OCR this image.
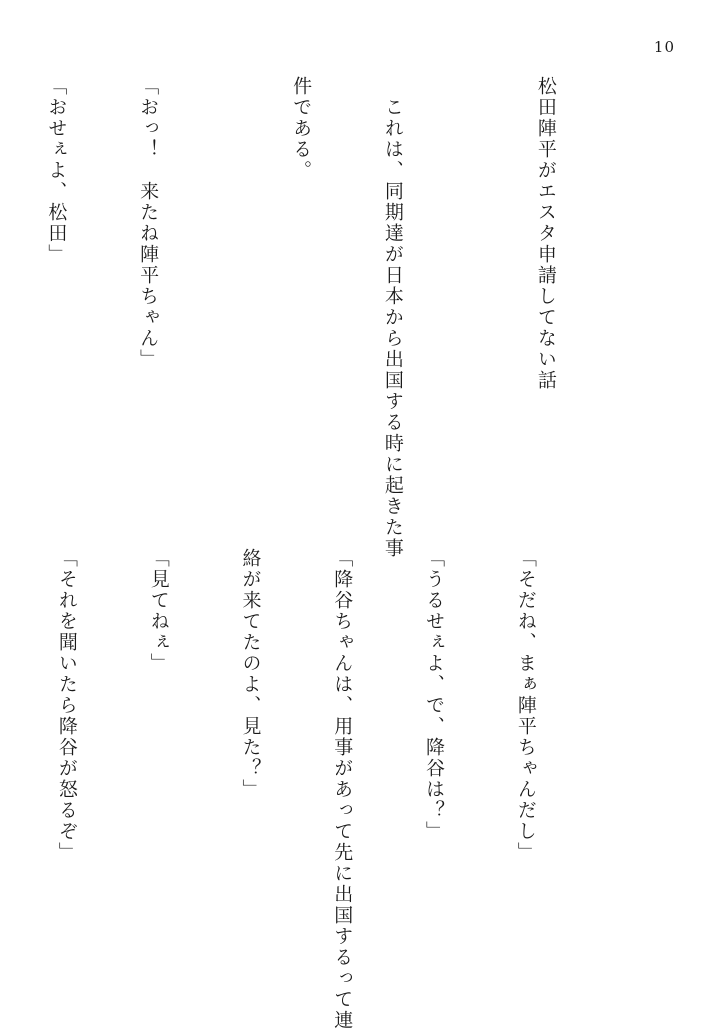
10

松田陣平がエスタ申請してない話

　これは、同期達が日本から出国する時に起きた事

件である。

「おっ！　来たね陣平ちゃん」

「おせぇよ、松田」

「そだね、まぁ陣平ちゃんだし」

「うるせぇよ、で、降谷は？」

「降谷ちゃんは、用事があって先に出国するって連

絡が来てたのよ、見た？」

「見てねぇ」

「それを聞いたら降谷が怒るぞ」
